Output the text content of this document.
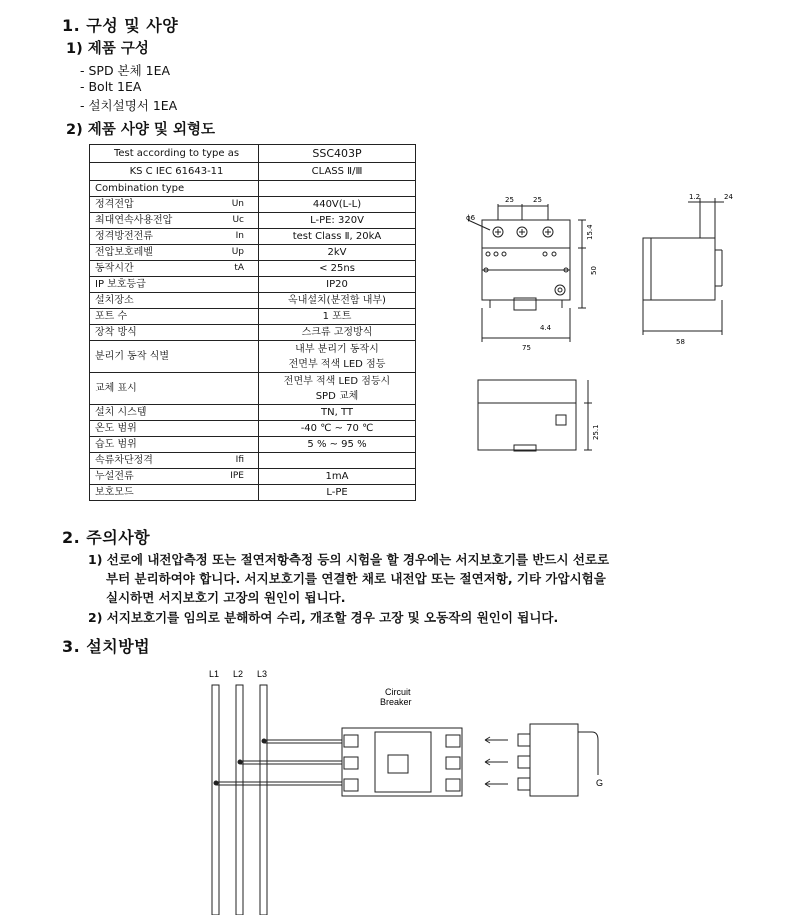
1. 구성 및 사양
1) 제품 구성
- SPD 본체 1EA
- Bolt 1EA
- 설치설명서 1EA
2) 제품 사양 및 외형도
Test according to type as	SSC403P
KS C IEC 61643-11	CLASS Ⅱ/Ⅲ
Combination type	
정격전압 Un	440V(L-L)
최대연속사용전압 Uc	L-PE: 320V
정격방전전류 In	test Class Ⅱ, 20kA
전압보호레벨 Up	2kV
동작시간 tA	< 25ns
IP 보호등급	IP20
설치장소	옥내설치(분전함 내부)
포트 수	1 포트
장착 방식	스크류 고정방식
분리기 동작 식별	내부 분리기 동작시
전면부 적색 LED 점등

교체 표시	전면부 적색 LED 점등시
SPD 교체

설치 시스템	TN, TT
온도 범위	-40 ℃ ~ 70 ℃
습도 범위	5 % ~ 95 %
속류차단정격 Ifi	

누설전류 IPE	1mA
보호모드	L-PE
25	25
ϕ6
15.4
50
4.4
75
1.2	24
58
25.1
2. 주의사항
1) 선로에 내전압측정 또는 절연저항측정 등의 시험을 할 경우에는 서지보호기를 반드시 선로로
부터 분리하여야 합니다. 서지보호기를 연결한 채로 내전압 또는 절연저항, 기타 가압시험을
실시하면 서지보호기 고장의 원인이 됩니다.
2) 서지보호기를 임의로 분해하여 수리, 개조할 경우 고장 및 오동작의 원인이 됩니다.
3. 설치방법
L1 L2 L3
Circuit
Breaker
G
